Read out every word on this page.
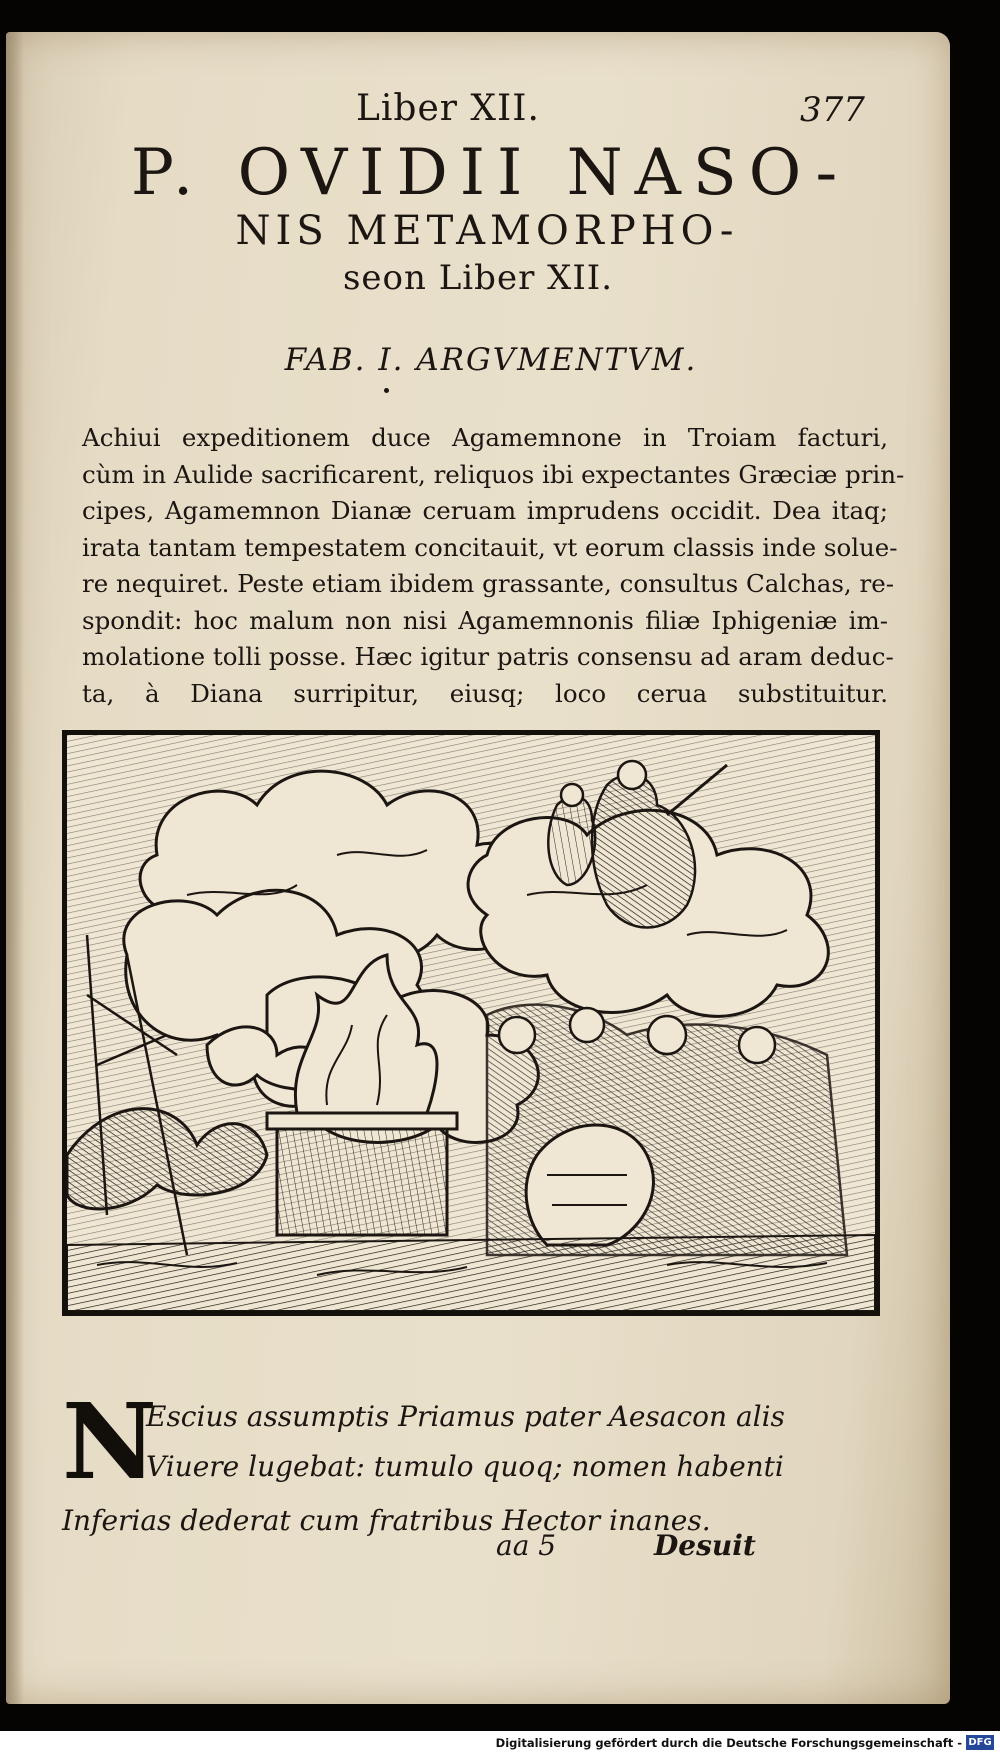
Liber XII.	377
P. OVIDII NASO-
NIS METAMORPHO-
seon Liber XII.
FAB. I. ARGVMENTVM.
Achiui expeditionem duce Agamemnone in Troiam facturi,
cùm in Aulide sacrificarent, reliquos ibi expectantes Græciæ prin-
cipes, Agamemnon Dianæ ceruam imprudens occidit. Dea itaq;
irata tantam tempestatem concitauit, vt eorum classis inde solue-
re nequiret. Peste etiam ibidem grassante, consultus Calchas, re-
spondit: hoc malum non nisi Agamemnonis filiæ Iphigeniæ im-
molatione tolli posse. Hæc igitur patris consensu ad aram deduc-
ta, à Diana surripitur, eiusq; loco cerua substituitur.
N
Escius assumptis Priamus pater Aesacon alis
Viuere lugebat: tumulo quoq; nomen habenti
Inferias dederat cum fratribus Hector inanes.
aa 5	Desuit
Digitalisierung gefördert durch die Deutsche Forschungsgemeinschaft - DFG
